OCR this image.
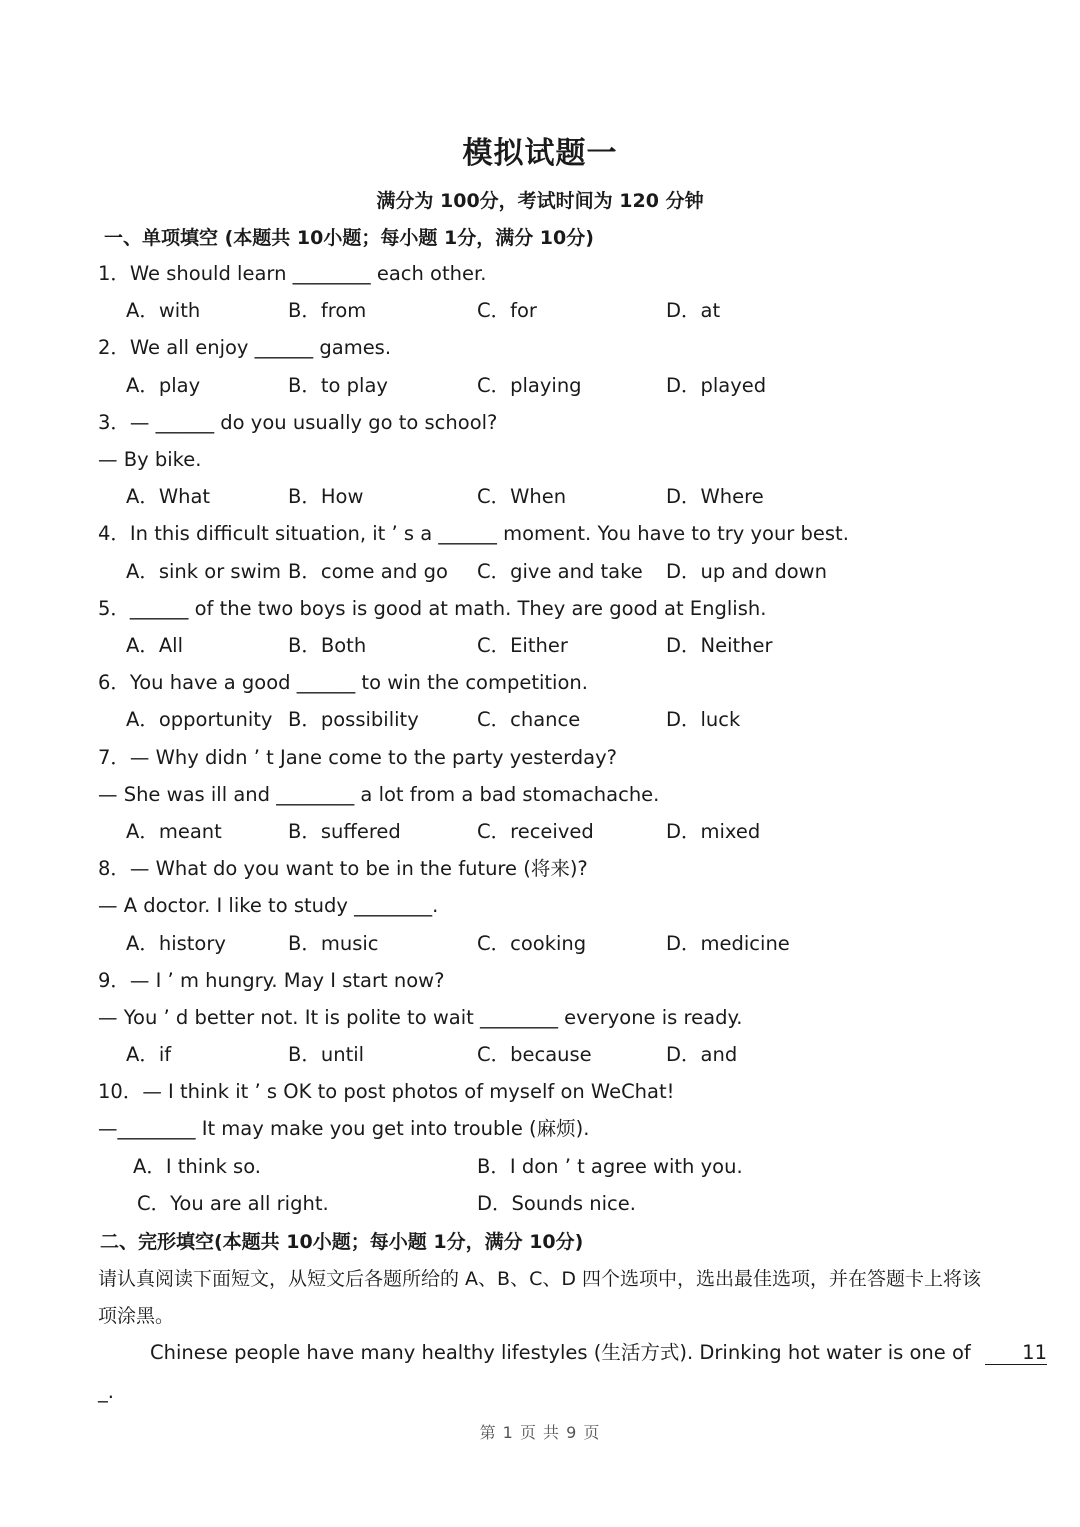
模拟试题一
满分为 100分，考试时间为 120 分钟
一、单项填空 (本题共 10小题；每小题 1分，满分 10分)
1．We should learn ________ each other.
A．with	B．from	C．for	D．at
2．We all enjoy ______ games.
A．play	B．to play	C．playing	D．played
3．— ______ do you usually go to school?
— By bike.
A．What	B．How	C．When	D．Where
4．In this difficult situation, it ’ s a ______ moment. You have to try your best.
A．sink or swim B．come and go C．give and take D．up and down
5．______ of the two boys is good at math. They are good at English.
A．All	B．Both	C．Either	D．Neither
6．You have a good ______ to win the competition.
A．opportunity B．possibility	C．chance	D．luck
7．— Why didn ’ t Jane come to the party yesterday?
— She was ill and ________ a lot from a bad stomachache.
A．meant	B．suffered	C．received	D．mixed
8．— What do you want to be in the future (将来)?
— A doctor. I like to study ________.
A．history	B．music	C．cooking	D．medicine
9．— I ’ m hungry. May I start now?
— You ’ d better not. It is polite to wait ________ everyone is ready.
A．if	B．until	C．because	D．and
10．— I think it ’ s OK to post photos of myself on WeChat!
—________ It may make you get into trouble (麻烦).
A．I think so.	B．I don ’ t agree with you.
C．You are all right.	D．Sounds nice.
二、完形填空(本题共 10小题；每小题 1分，满分 10分)
请认真阅读下面短文，从短文后各题所给的 A、B、C、D 四个选项中，选出最佳选项，并在答题卡上将该
项涂黑。
Chinese people have many healthy lifestyles (生活方式). Drinking hot water is one of	11
_.
第 1 页 共 9 页
